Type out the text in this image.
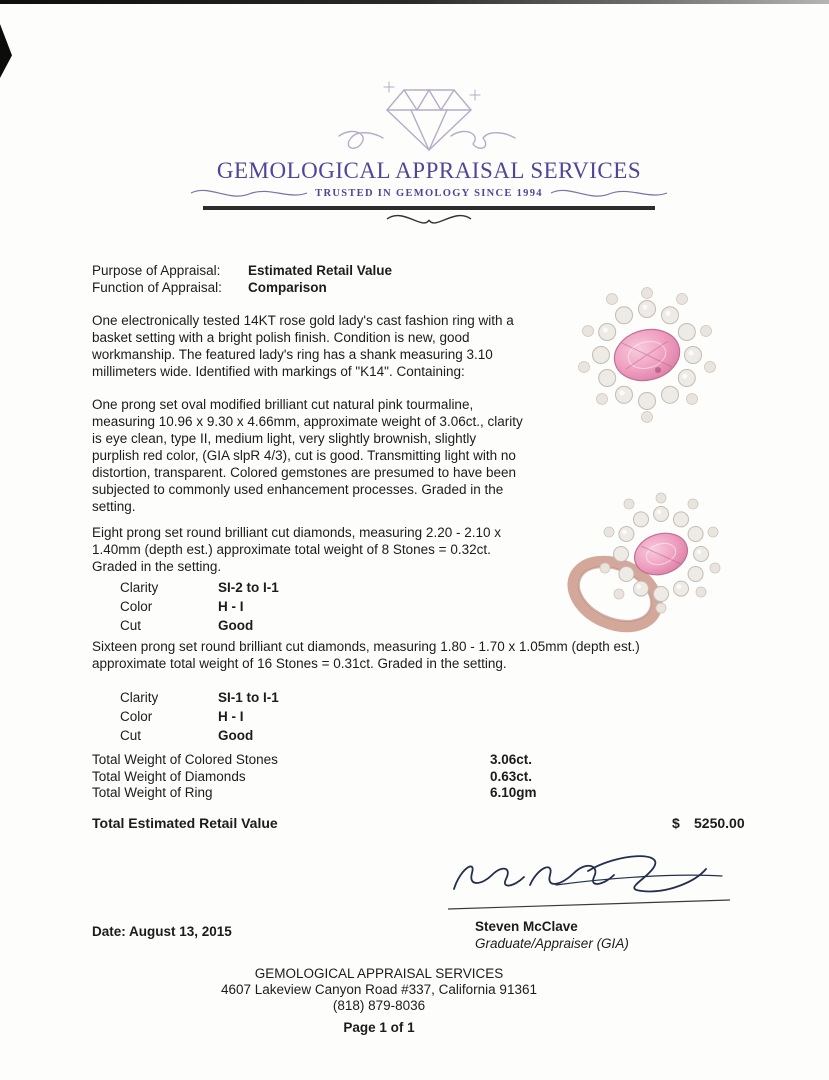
GEMOLOGICAL APPRAISAL SERVICES
TRUSTED IN GEMOLOGY SINCE 1994
Purpose of Appraisal:	Estimated Retail Value
Function of Appraisal:	Comparison
One electronically tested 14KT rose gold lady's cast fashion ring with a basket setting with a bright polish finish. Condition is new, good workmanship. The featured lady's ring has a shank measuring 3.10 millimeters wide. Identified with markings of "K14". Containing:
One prong set oval modified brilliant cut natural pink tourmaline, measuring 10.96 x 9.30 x 4.66mm, approximate weight of 3.06ct., clarity is eye clean, type II, medium light, very slightly brownish, slightly purplish red color, (GIA slpR 4/3), cut is good. Transmitting light with no distortion, transparent. Colored gemstones are presumed to have been subjected to commonly used enhancement processes. Graded in the setting.
Eight prong set round brilliant cut diamonds, measuring 2.20 - 2.10 x 1.40mm (depth est.) approximate total weight of 8 Stones = 0.32ct. Graded in the setting.
Clarity	SI-2 to I-1
Color	H - I
Cut	Good
Sixteen prong set round brilliant cut diamonds, measuring 1.80 - 1.70 x 1.05mm (depth est.) approximate total weight of 16 Stones = 0.31ct. Graded in the setting.
Clarity	SI-1 to I-1
Color	H - I
Cut	Good
Total Weight of Colored Stones	3.06ct.
Total Weight of Diamonds	0.63ct.
Total Weight of Ring	6.10gm
Total Estimated Retail Value	$ 5250.00
Date: August 13, 2015	Steven McClave
Graduate/Appraiser (GIA)
GEMOLOGICAL APPRAISAL SERVICES
4607 Lakeview Canyon Road #337, California 91361
(818) 879-8036
Page 1 of 1
